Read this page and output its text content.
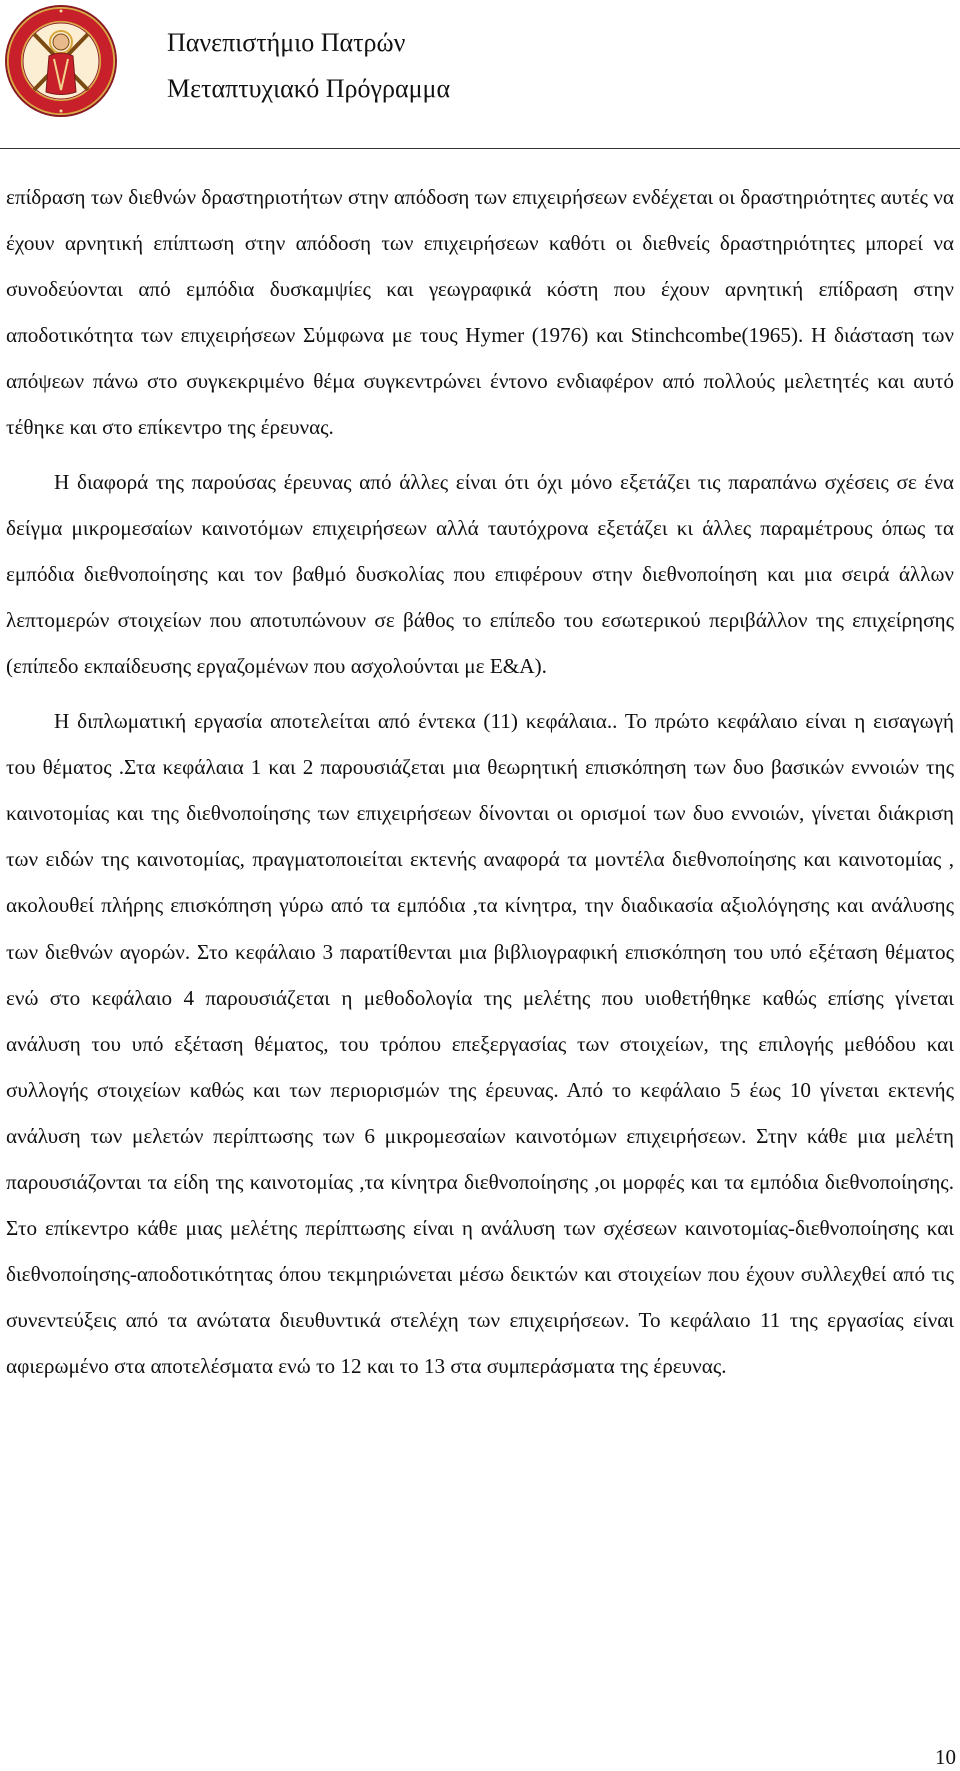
Πανεπιστήμιο Πατρών
Μεταπτυχιακό Πρόγραμμα

επίδραση των διεθνών δραστηριοτήτων στην απόδοση των επιχειρήσεων ενδέχεται οι δραστηριότητες αυτές να έχουν αρνητική επίπτωση στην απόδοση των επιχειρήσεων καθότι οι διεθνείς δραστηριότητες μπορεί να συνοδεύονται από εμπόδια δυσκαμψίες και γεωγραφικά κόστη που έχουν αρνητική επίδραση στην αποδοτικότητα των επιχειρήσεων Σύμφωνα με τους Hymer (1976) και Stinchcombe(1965). Η διάσταση των απόψεων πάνω στο συγκεκριμένο θέμα συγκεντρώνει έντονο ενδιαφέρον από πολλούς μελετητές και αυτό τέθηκε και στο επίκεντρο της έρευνας.

Η διαφορά της παρούσας έρευνας από άλλες είναι ότι όχι μόνο εξετάζει τις παραπάνω σχέσεις σε ένα δείγμα μικρομεσαίων καινοτόμων επιχειρήσεων αλλά ταυτόχρονα εξετάζει κι άλλες παραμέτρους όπως τα εμπόδια διεθνοποίησης και τον βαθμό δυσκολίας που επιφέρουν στην διεθνοποίηση και μια σειρά άλλων λεπτομερών στοιχείων που αποτυπώνουν σε βάθος το επίπεδο του εσωτερικού περιβάλλον της επιχείρησης (επίπεδο εκπαίδευσης εργαζομένων που ασχολούνται με Ε&Α).

Η διπλωματική εργασία αποτελείται από έντεκα (11) κεφάλαια.. Το πρώτο κεφάλαιο είναι η εισαγωγή του θέματος .Στα κεφάλαια 1 και 2 παρουσιάζεται μια θεωρητική επισκόπηση των δυο βασικών εννοιών της καινοτομίας και της διεθνοποίησης των επιχειρήσεων δίνονται οι ορισμοί των δυο εννοιών, γίνεται διάκριση των ειδών της καινοτομίας, πραγματοποιείται εκτενής αναφορά τα μοντέλα διεθνοποίησης και καινοτομίας , ακολουθεί πλήρης επισκόπηση γύρω από τα εμπόδια ,τα κίνητρα, την διαδικασία αξιολόγησης και ανάλυσης των διεθνών αγορών. Στο κεφάλαιο 3 παρατίθενται μια βιβλιογραφική επισκόπηση του υπό εξέταση θέματος ενώ στο κεφάλαιο 4 παρουσιάζεται η μεθοδολογία της μελέτης που υιοθετήθηκε καθώς επίσης γίνεται ανάλυση του υπό εξέταση θέματος, του τρόπου επεξεργασίας των στοιχείων, της επιλογής μεθόδου και συλλογής στοιχείων καθώς και των περιορισμών της έρευνας. Από το κεφάλαιο 5 έως 10 γίνεται εκτενής ανάλυση των μελετών περίπτωσης των 6 μικρομεσαίων καινοτόμων επιχειρήσεων. Στην κάθε μια μελέτη παρουσιάζονται τα είδη της καινοτομίας ,τα κίνητρα διεθνοποίησης ,οι μορφές και τα εμπόδια διεθνοποίησης. Στο επίκεντρο κάθε μιας μελέτης περίπτωσης είναι η ανάλυση των σχέσεων καινοτομίας-διεθνοποίησης και διεθνοποίησης-αποδοτικότητας όπου τεκμηριώνεται μέσω δεικτών και στοιχείων που έχουν συλλεχθεί από τις συνεντεύξεις από τα ανώτατα διευθυντικά στελέχη των επιχειρήσεων. Το κεφάλαιο 11 της εργασίας είναι αφιερωμένο στα αποτελέσματα ενώ το 12 και το 13 στα συμπεράσματα της έρευνας.

10
